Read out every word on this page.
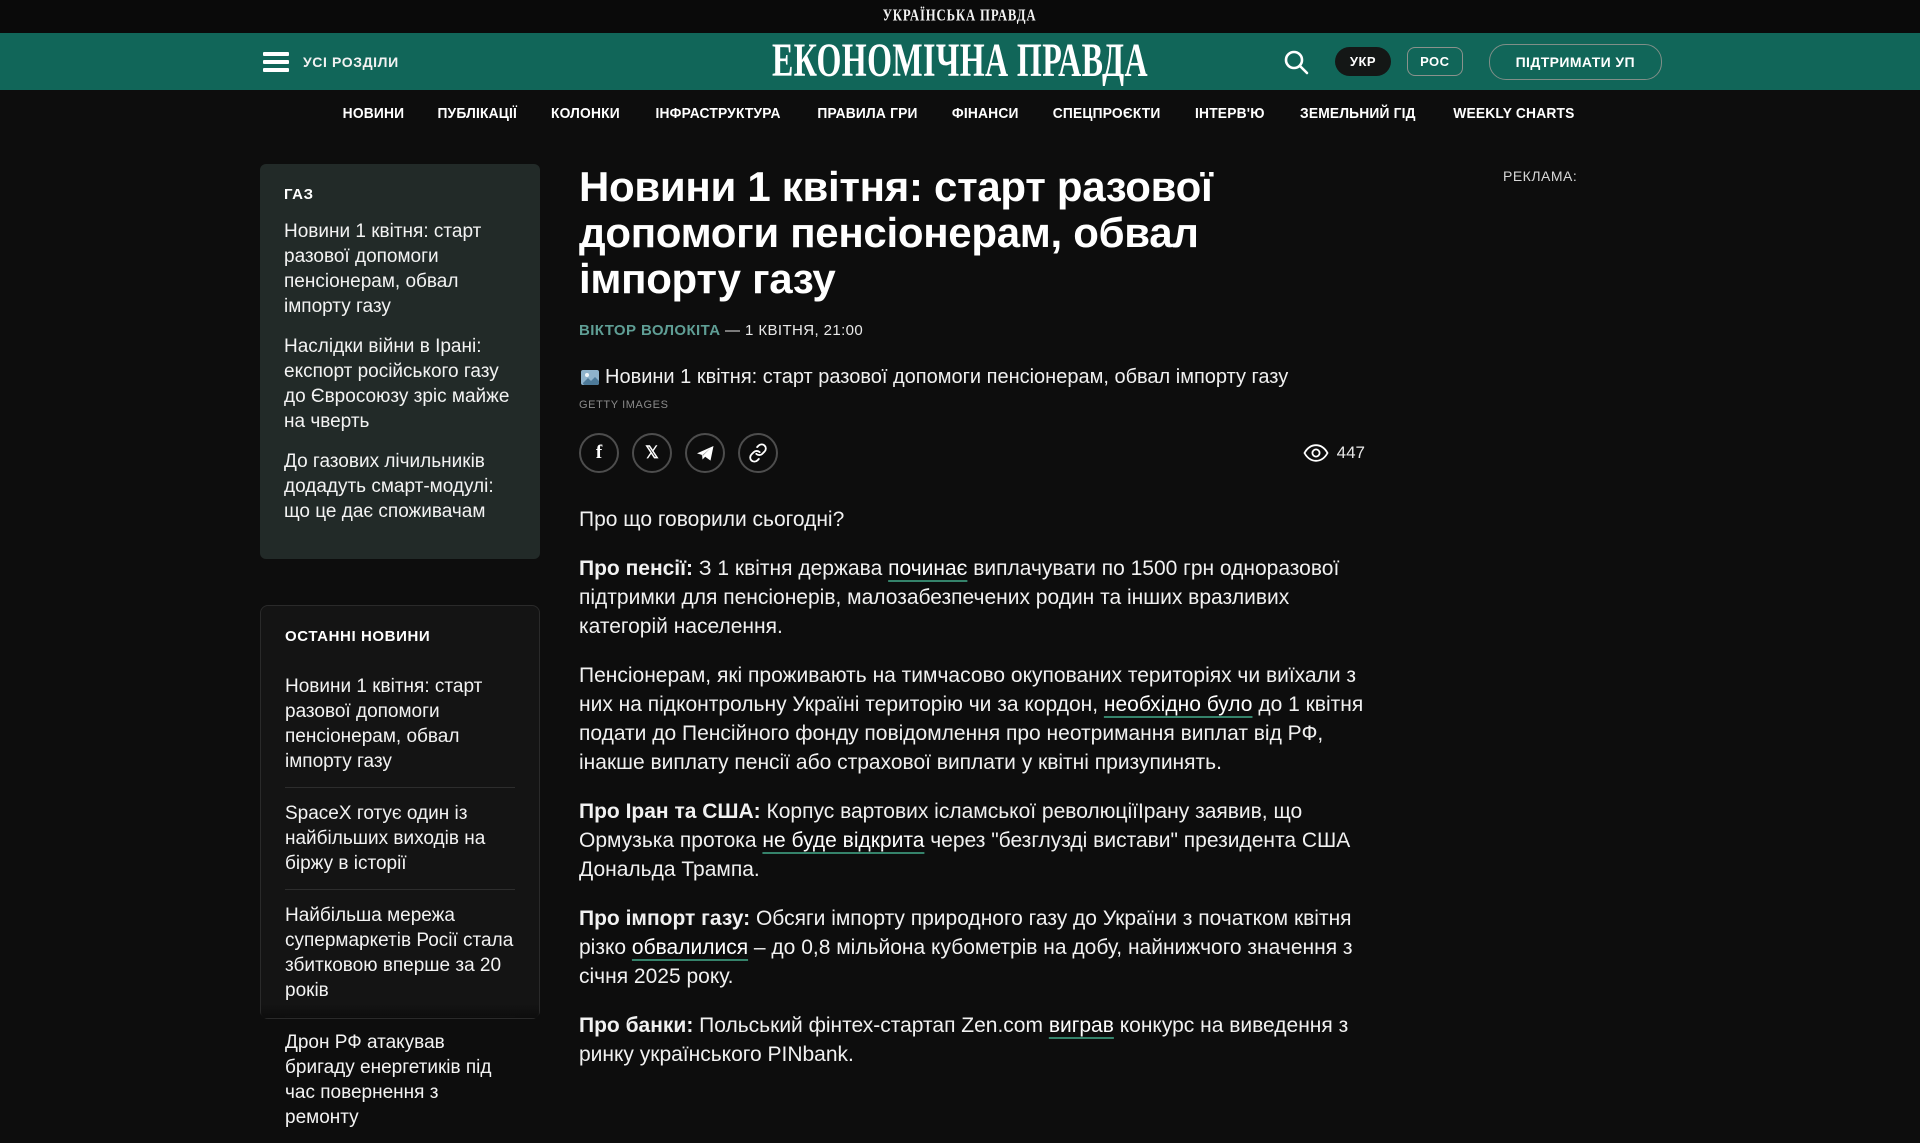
УКРАЇНСЬКА ПРАВДА
УСІ РОЗДІЛИ	ЕКОНОМІЧНА ПРАВДА	УКР	РОС	ПІДТРИМАТИ УП
НОВИНИ ПУБЛІКАЦІЇ КОЛОНКИ ІНФРАСТРУКТУРА ПРАВИЛА ГРИ ФІНАНСИ СПЕЦПРОЄКТИ ІНТЕРВ'Ю ЗЕМЕЛЬНИЙ ГІД WEEKLY CHARTS
ГАЗ
Новини 1 квітня: старт разової допомоги пенсіонерам, обвал імпорту газу
Наслідки війни в Ірані: експорт російського газу до Євросоюзу зріс майже на чверть
До газових лічильників додадуть смарт-модулі: що це дає споживачам
ОСТАННІ НОВИНИ
Новини 1 квітня: старт разової допомоги пенсіонерам, обвал імпорту газу
SpaceX готує один із найбільших виходів на біржу в історії
Найбільша мережа супермаркетів Росії стала збитковою вперше за 20 років
Дрон РФ атакував бригаду енергетиків під час повернення з ремонту
Новини 1 квітня: старт разової допомоги пенсіонерам, обвал імпорту газу
ВІКТОР ВОЛОКІТА — 1 КВІТНЯ, 21:00
Новини 1 квітня: старт разової допомоги пенсіонерам, обвал імпорту газу
GETTY IMAGES
f	𝕏	447

Про що говорили сьогодні?

Про пенсії: З 1 квітня держава починає виплачувати по 1500 грн одноразової підтримки для пенсіонерів, малозабезпечених родин та інших вразливих категорій населення.

Пенсіонерам, які проживають на тимчасово окупованих територіях чи виїхали з них на підконтрольну Україні територію чи за кордон, необхідно було до 1 квітня подати до Пенсійного фонду повідомлення про неотримання виплат від РФ, інакше виплату пенсії або страхової виплати у квітні призупинять.

Про Іран та США: Корпус вартових ісламської революціїІрану заявив, що Ормузька протока не буде відкрита через "безглузді вистави" президента США Дональда Трампа.

Про імпорт газу: Обсяги імпорту природного газу до України з початком квітня різко обвалилися – до 0,8 мільйона кубометрів на добу, найнижчого значення з січня 2025 року.

Про банки: Польський фінтех-стартап Zen.com виграв конкурс на виведення з ринку українського PINbank.

РЕКЛАМА:
